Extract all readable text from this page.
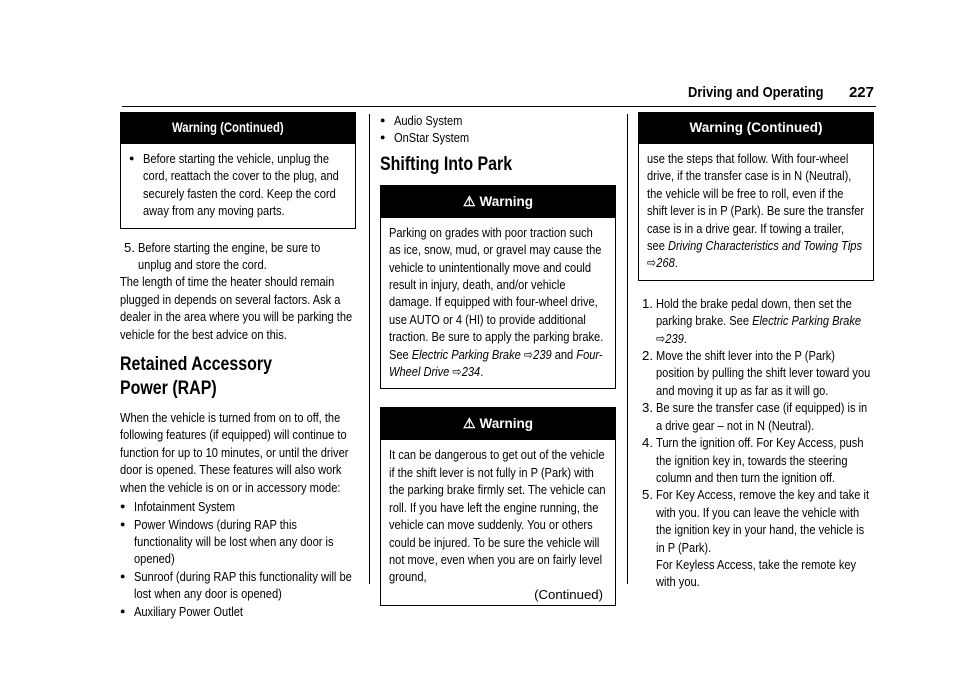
Driving and Operating 227
Warning (Continued)

● Before starting the vehicle, unplug the cord, reattach the cover to the plug, and securely fasten the cord. Keep the cord away from any moving parts.

5. Before starting the engine, be sure to unplug and store the cord.

The length of time the heater should remain plugged in depends on several factors. Ask a dealer in the area where you will be parking the vehicle for the best advice on this.

Retained Accessory Power (RAP)

When the vehicle is turned from on to off, the following features (if equipped) will continue to function for up to 10 minutes, or until the driver door is opened. These features will also work when the vehicle is on or in accessory mode:

● Infotainment System

● Power Windows (during RAP this functionality will be lost when any door is opened)

● Sunroof (during RAP this functionality will be lost when any door is opened)

● Auxiliary Power Outlet

● Audio System

● OnStar System

Shifting Into Park
⚠ Warning

Parking on grades with poor traction such as ice, snow, mud, or gravel may cause the vehicle to unintentionally move and could result in injury, death, and/or vehicle damage. If equipped with four-wheel drive, use AUTO or 4 (HI) to provide additional traction. Be sure to apply the parking brake. See Electric Parking Brake ⇨239 and Four-Wheel Drive ⇨234.

⚠ Warning

It can be dangerous to get out of the vehicle if the shift lever is not fully in P (Park) with the parking brake firmly set. The vehicle can roll. If you have left the engine running, the vehicle can move suddenly. You or others could be injured. To be sure the vehicle will not move, even when you are on fairly level ground,

(Continued)

Warning (Continued)

use the steps that follow. With four-wheel drive, if the transfer case is in N (Neutral), the vehicle will be free to roll, even if the shift lever is in P (Park). Be sure the transfer case is in a drive gear. If towing a trailer, see Driving Characteristics and Towing Tips ⇨268.

1. Hold the brake pedal down, then set the parking brake. See Electric Parking Brake ⇨239.

2. Move the shift lever into the P (Park) position by pulling the shift lever toward you and moving it up as far as it will go.

3. Be sure the transfer case (if equipped) is in a drive gear – not in N (Neutral).

4. Turn the ignition off. For Key Access, push the ignition key in, towards the steering column and then turn the ignition off.

5. For Key Access, remove the key and take it with you. If you can leave the vehicle with the ignition key in your hand, the vehicle is in P (Park).

For Keyless Access, take the remote key with you.
